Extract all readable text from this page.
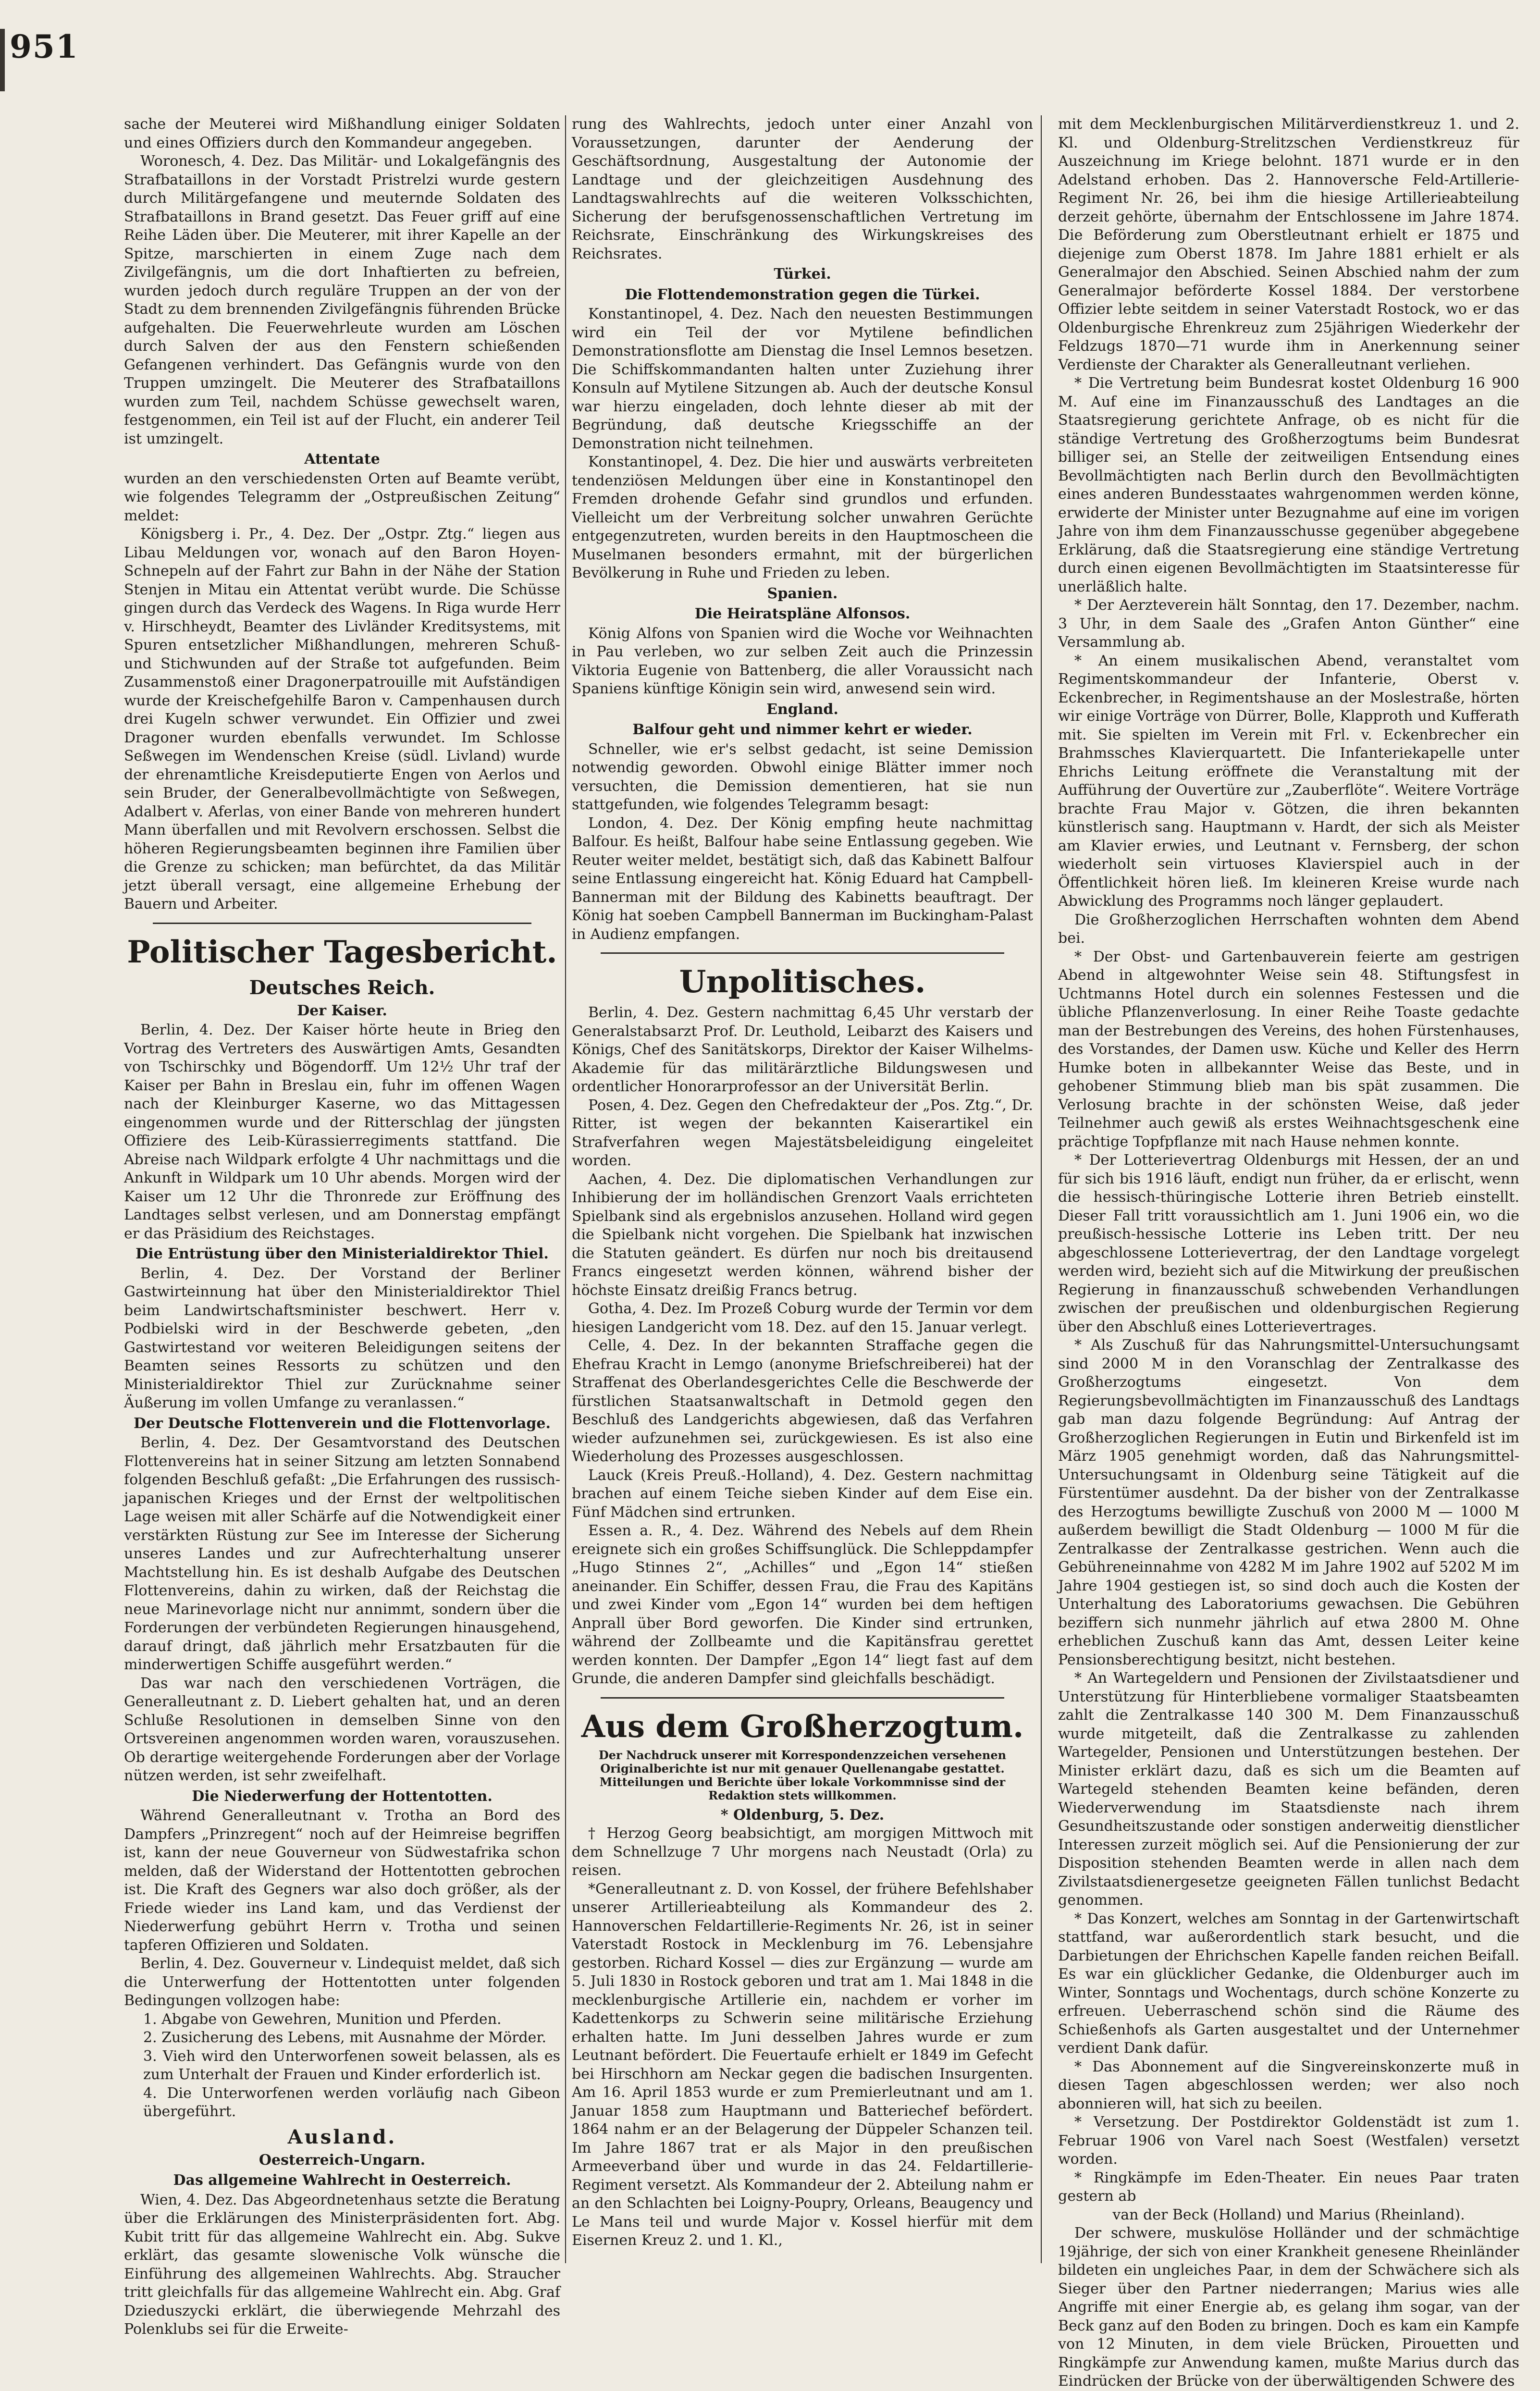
951

sache der Meuterei wird Mißhandlung einiger Soldaten und eines Offiziers durch den Kommandeur angegeben.

Woronesch, 4. Dez. Das Militär- und Lokalgefängnis des Strafbataillons in der Vorstadt Pristrelzi wurde gestern durch Militärgefangene und meuternde Soldaten des Strafbataillons in Brand gesetzt. Das Feuer griff auf eine Reihe Läden über. Die Meuterer, mit ihrer Kapelle an der Spitze, marschierten in einem Zuge nach dem Zivilgefängnis, um die dort Inhaftierten zu befreien, wurden jedoch durch reguläre Truppen an der von der Stadt zu dem brennenden Zivilgefängnis führenden Brücke aufgehalten. Die Feuerwehrleute wurden am Löschen durch Salven der aus den Fenstern schießenden Gefangenen verhindert. Das Gefängnis wurde von den Truppen umzingelt. Die Meuterer des Strafbataillons wurden zum Teil, nachdem Schüsse gewechselt waren, festgenommen, ein Teil ist auf der Flucht, ein anderer Teil ist umzingelt.

Attentate

wurden an den verschiedensten Orten auf Beamte verübt, wie folgendes Telegramm der „Ostpreußischen Zeitung“ meldet:

Königsberg i. Pr., 4. Dez. Der „Ostpr. Ztg.“ liegen aus Libau Meldungen vor, wonach auf den Baron Hoyen-Schnepeln auf der Fahrt zur Bahn in der Nähe der Station Stenjen in Mitau ein Attentat verübt wurde. Die Schüsse gingen durch das Verdeck des Wagens. In Riga wurde Herr v. Hirschheydt, Beamter des Livländer Kreditsystems, mit Spuren entsetzlicher Mißhandlungen, mehreren Schuß- und Stichwunden auf der Straße tot aufgefunden. Beim Zusammenstoß einer Dragonerpatrouille mit Aufständigen wurde der Kreischefgehilfe Baron v. Campenhausen durch drei Kugeln schwer verwundet. Ein Offizier und zwei Dragoner wurden ebenfalls verwundet. Im Schlosse Seßwegen im Wendenschen Kreise (südl. Livland) wurde der ehrenamtliche Kreisdeputierte Engen von Aerlos und sein Bruder, der Generalbevollmächtigte von Seßwegen, Adalbert v. Aferlas, von einer Bande von mehreren hundert Mann überfallen und mit Revolvern erschossen. Selbst die höheren Regierungsbeamten beginnen ihre Familien über die Grenze zu schicken; man befürchtet, da das Militär jetzt überall versagt, eine allgemeine Erhebung der Bauern und Arbeiter.

Politischer Tagesbericht.
Deutsches Reich.
Der Kaiser.

Berlin, 4. Dez. Der Kaiser hörte heute in Brieg den Vortrag des Vertreters des Auswärtigen Amts, Gesandten von Tschirschky und Bögendorff. Um 12½ Uhr traf der Kaiser per Bahn in Breslau ein, fuhr im offenen Wagen nach der Kleinburger Kaserne, wo das Mittagessen eingenommen wurde und der Ritterschlag der jüngsten Offiziere des Leib-Kürassierregiments stattfand. Die Abreise nach Wildpark erfolgte 4 Uhr nachmittags und die Ankunft in Wildpark um 10 Uhr abends. Morgen wird der Kaiser um 12 Uhr die Thronrede zur Eröffnung des Landtages selbst verlesen, und am Donnerstag empfängt er das Präsidium des Reichstages.

Die Entrüstung über den Ministerialdirektor Thiel.

Berlin, 4. Dez. Der Vorstand der Berliner Gastwirteinnung hat über den Ministerialdirektor Thiel beim Landwirtschaftsminister beschwert. Herr v. Podbielski wird in der Beschwerde gebeten, „den Gastwirtestand vor weiteren Beleidigungen seitens der Beamten seines Ressorts zu schützen und den Ministerialdirektor Thiel zur Zurücknahme seiner Äußerung im vollen Umfange zu veranlassen.“

Der Deutsche Flottenverein und die Flottenvorlage.

Berlin, 4. Dez. Der Gesamtvorstand des Deutschen Flottenvereins hat in seiner Sitzung am letzten Sonnabend folgenden Beschluß gefaßt: „Die Erfahrungen des russisch-japanischen Krieges und der Ernst der weltpolitischen Lage weisen mit aller Schärfe auf die Notwendigkeit einer verstärkten Rüstung zur See im Interesse der Sicherung unseres Landes und zur Aufrechterhaltung unserer Machtstellung hin. Es ist deshalb Aufgabe des Deutschen Flottenvereins, dahin zu wirken, daß der Reichstag die neue Marinevorlage nicht nur annimmt, sondern über die Forderungen der verbündeten Regierungen hinausgehend, darauf dringt, daß jährlich mehr Ersatzbauten für die minderwertigen Schiffe ausgeführt werden.“

Das war nach den verschiedenen Vorträgen, die Generalleutnant z. D. Liebert gehalten hat, und an deren Schluße Resolutionen in demselben Sinne von den Ortsvereinen angenommen worden waren, vorauszusehen. Ob derartige weitergehende Forderungen aber der Vorlage nützen werden, ist sehr zweifelhaft.

Die Niederwerfung der Hottentotten.

Während Generalleutnant v. Trotha an Bord des Dampfers „Prinzregent“ noch auf der Heimreise begriffen ist, kann der neue Gouverneur von Südwestafrika schon melden, daß der Widerstand der Hottentotten gebrochen ist. Die Kraft des Gegners war also doch größer, als der Friede wieder ins Land kam, und das Verdienst der Niederwerfung gebührt Herrn v. Trotha und seinen tapferen Offizieren und Soldaten.

Berlin, 4. Dez. Gouverneur v. Lindequist meldet, daß sich die Unterwerfung der Hottentotten unter folgenden Bedingungen vollzogen habe:

1. Abgabe von Gewehren, Munition und Pferden.
2. Zusicherung des Lebens, mit Ausnahme der Mörder.
3. Vieh wird den Unterworfenen soweit belassen, als es zum Unterhalt der Frauen und Kinder erforderlich ist.
4. Die Unterworfenen werden vorläufig nach Gibeon übergeführt.
Ausland.
Oesterreich-Ungarn.
Das allgemeine Wahlrecht in Oesterreich.

Wien, 4. Dez. Das Abgeordnetenhaus setzte die Beratung über die Erklärungen des Ministerpräsidenten fort. Abg. Kubit tritt für das allgemeine Wahlrecht ein. Abg. Sukve erklärt, das gesamte slowenische Volk wünsche die Einführung des allgemeinen Wahlrechts. Abg. Straucher tritt gleichfalls für das allgemeine Wahlrecht ein. Abg. Graf Dzieduszycki erklärt, die überwiegende Mehrzahl des Polenklubs sei für die Erweite-

rung des Wahlrechts, jedoch unter einer Anzahl von Voraussetzungen, darunter der Aenderung der Geschäftsordnung, Ausgestaltung der Autonomie der Landtage und der gleichzeitigen Ausdehnung des Landtagswahlrechts auf die weiteren Volksschichten, Sicherung der berufsgenossenschaftlichen Vertretung im Reichsrate, Einschränkung des Wirkungskreises des Reichsrates.

Türkei.
Die Flottendemonstration gegen die Türkei.

Konstantinopel, 4. Dez. Nach den neuesten Bestimmungen wird ein Teil der vor Mytilene befindlichen Demonstrationsflotte am Dienstag die Insel Lemnos besetzen. Die Schiffskommandanten halten unter Zuziehung ihrer Konsuln auf Mytilene Sitzungen ab. Auch der deutsche Konsul war hierzu eingeladen, doch lehnte dieser ab mit der Begründung, daß deutsche Kriegsschiffe an der Demonstration nicht teilnehmen.

Konstantinopel, 4. Dez. Die hier und auswärts verbreiteten tendenziösen Meldungen über eine in Konstantinopel den Fremden drohende Gefahr sind grundlos und erfunden. Vielleicht um der Verbreitung solcher unwahren Gerüchte entgegenzutreten, wurden bereits in den Hauptmoscheen die Muselmanen besonders ermahnt, mit der bürgerlichen Bevölkerung in Ruhe und Frieden zu leben.

Spanien.
Die Heiratspläne Alfonsos.

König Alfons von Spanien wird die Woche vor Weihnachten in Pau verleben, wo zur selben Zeit auch die Prinzessin Viktoria Eugenie von Battenberg, die aller Voraussicht nach Spaniens künftige Königin sein wird, anwesend sein wird.

England.
Balfour geht und nimmer kehrt er wieder.

Schneller, wie er's selbst gedacht, ist seine Demission notwendig geworden. Obwohl einige Blätter immer noch versuchten, die Demission dementieren, hat sie nun stattgefunden, wie folgendes Telegramm besagt:

London, 4. Dez. Der König empfing heute nachmittag Balfour. Es heißt, Balfour habe seine Entlassung gegeben. Wie Reuter weiter meldet, bestätigt sich, daß das Kabinett Balfour seine Entlassung eingereicht hat. König Eduard hat Campbell-Bannerman mit der Bildung des Kabinetts beauftragt. Der König hat soeben Campbell Bannerman im Buckingham-Palast in Audienz empfangen.

Unpolitisches.

Berlin, 4. Dez. Gestern nachmittag 6,45 Uhr verstarb der Generalstabsarzt Prof. Dr. Leuthold, Leibarzt des Kaisers und Königs, Chef des Sanitätskorps, Direktor der Kaiser Wilhelms-Akademie für das militärärztliche Bildungswesen und ordentlicher Honorarprofessor an der Universität Berlin.

Posen, 4. Dez. Gegen den Chefredakteur der „Pos. Ztg.“, Dr. Ritter, ist wegen der bekannten Kaiserartikel ein Strafverfahren wegen Majestätsbeleidigung eingeleitet worden.

Aachen, 4. Dez. Die diplomatischen Verhandlungen zur Inhibierung der im holländischen Grenzort Vaals errichteten Spielbank sind als ergebnislos anzusehen. Holland wird gegen die Spielbank nicht vorgehen. Die Spielbank hat inzwischen die Statuten geändert. Es dürfen nur noch bis dreitausend Francs eingesetzt werden können, während bisher der höchste Einsatz dreißig Francs betrug.

Gotha, 4. Dez. Im Prozeß Coburg wurde der Termin vor dem hiesigen Landgericht vom 18. Dez. auf den 15. Januar verlegt.

Celle, 4. Dez. In der bekannten Straffache gegen die Ehefrau Kracht in Lemgo (anonyme Briefschreiberei) hat der Straffenat des Oberlandesgerichtes Celle die Beschwerde der fürstlichen Staatsanwaltschaft in Detmold gegen den Beschluß des Landgerichts abgewiesen, daß das Verfahren wieder aufzunehmen sei, zurückgewiesen. Es ist also eine Wiederholung des Prozesses ausgeschlossen.

Lauck (Kreis Preuß.-Holland), 4. Dez. Gestern nachmittag brachen auf einem Teiche sieben Kinder auf dem Eise ein. Fünf Mädchen sind ertrunken.

Essen a. R., 4. Dez. Während des Nebels auf dem Rhein ereignete sich ein großes Schiffsunglück. Die Schleppdampfer „Hugo Stinnes 2“, „Achilles“ und „Egon 14“ stießen aneinander. Ein Schiffer, dessen Frau, die Frau des Kapitäns und zwei Kinder vom „Egon 14“ wurden bei dem heftigen Anprall über Bord geworfen. Die Kinder sind ertrunken, während der Zollbeamte und die Kapitänsfrau gerettet werden konnten. Der Dampfer „Egon 14“ liegt fast auf dem Grunde, die anderen Dampfer sind gleichfalls beschädigt.

Aus dem Großherzogtum.
Der Nachdruck unserer mit Korrespondenzzeichen versehenen Originalberichte ist nur mit genauer Quellenangabe gestattet. Mitteilungen und Berichte über lokale Vorkommnisse sind der Redaktion stets willkommen.

* Oldenburg, 5. Dez.

† Herzog Georg beabsichtigt, am morgigen Mittwoch mit dem Schnellzuge 7 Uhr morgens nach Neustadt (Orla) zu reisen.

*Generalleutnant z. D. von Kossel, der frühere Befehlshaber unserer Artillerieabteilung als Kommandeur des 2. Hannoverschen Feldartillerie-Regiments Nr. 26, ist in seiner Vaterstadt Rostock in Mecklenburg im 76. Lebensjahre gestorben. Richard Kossel — dies zur Ergänzung — wurde am 5. Juli 1830 in Rostock geboren und trat am 1. Mai 1848 in die mecklenburgische Artillerie ein, nachdem er vorher im Kadettenkorps zu Schwerin seine militärische Erziehung erhalten hatte. Im Juni desselben Jahres wurde er zum Leutnant befördert. Die Feuertaufe erhielt er 1849 im Gefecht bei Hirschhorn am Neckar gegen die badischen Insurgenten. Am 16. April 1853 wurde er zum Premierleutnant und am 1. Januar 1858 zum Hauptmann und Batteriechef befördert. 1864 nahm er an der Belagerung der Düppeler Schanzen teil. Im Jahre 1867 trat er als Major in den preußischen Armeeverband über und wurde in das 24. Feldartillerie-Regiment versetzt. Als Kommandeur der 2. Abteilung nahm er an den Schlachten bei Loigny-Poupry, Orleans, Beaugency und Le Mans teil und wurde Major v. Kossel hierfür mit dem Eisernen Kreuz 2. und 1. Kl.,

mit dem Mecklenburgischen Militärverdienstkreuz 1. und 2. Kl. und Oldenburg-Strelitzschen Verdienstkreuz für Auszeichnung im Kriege belohnt. 1871 wurde er in den Adelstand erhoben. Das 2. Hannoversche Feld-Artillerie-Regiment Nr. 26, bei ihm die hiesige Artillerieabteilung derzeit gehörte, übernahm der Entschlossene im Jahre 1874. Die Beförderung zum Oberstleutnant erhielt er 1875 und diejenige zum Oberst 1878. Im Jahre 1881 erhielt er als Generalmajor den Abschied. Seinen Abschied nahm der zum Generalmajor beförderte Kossel 1884. Der verstorbene Offizier lebte seitdem in seiner Vaterstadt Rostock, wo er das Oldenburgische Ehrenkreuz zum 25jährigen Wiederkehr der Feldzugs 1870—71 wurde ihm in Anerkennung seiner Verdienste der Charakter als Generalleutnant verliehen.

* Die Vertretung beim Bundesrat kostet Oldenburg 16 900 M. Auf eine im Finanzausschuß des Landtages an die Staatsregierung gerichtete Anfrage, ob es nicht für die ständige Vertretung des Großherzogtums beim Bundesrat billiger sei, an Stelle der zeitweiligen Entsendung eines Bevollmächtigten nach Berlin durch den Bevollmächtigten eines anderen Bundesstaates wahrgenommen werden könne, erwiderte der Minister unter Bezugnahme auf eine im vorigen Jahre von ihm dem Finanzausschusse gegenüber abgegebene Erklärung, daß die Staatsregierung eine ständige Vertretung durch einen eigenen Bevollmächtigten im Staatsinteresse für unerläßlich halte.

* Der Aerzteverein hält Sonntag, den 17. Dezember, nachm. 3 Uhr, in dem Saale des „Grafen Anton Günther“ eine Versammlung ab.

* An einem musikalischen Abend, veranstaltet vom Regimentskommandeur der Infanterie, Oberst v. Eckenbrecher, in Regimentshause an der Moslestraße, hörten wir einige Vorträge von Dürrer, Bolle, Klapproth und Kufferath mit. Sie spielten im Verein mit Frl. v. Eckenbrecher ein Brahmssches Klavierquartett. Die Infanteriekapelle unter Ehrichs Leitung eröffnete die Veranstaltung mit der Aufführung der Ouvertüre zur „Zauberflöte“. Weitere Vorträge brachte Frau Major v. Götzen, die ihren bekannten künstlerisch sang. Hauptmann v. Hardt, der sich als Meister am Klavier erwies, und Leutnant v. Fernsberg, der schon wiederholt sein virtuoses Klavierspiel auch in der Öffentlichkeit hören ließ. Im kleineren Kreise wurde nach Abwicklung des Programms noch länger geplaudert.

Die Großherzoglichen Herrschaften wohnten dem Abend bei.

* Der Obst- und Gartenbauverein feierte am gestrigen Abend in altgewohnter Weise sein 48. Stiftungsfest in Uchtmanns Hotel durch ein solennes Festessen und die übliche Pflanzenverlosung. In einer Reihe Toaste gedachte man der Bestrebungen des Vereins, des hohen Fürstenhauses, des Vorstandes, der Damen usw. Küche und Keller des Herrn Humke boten in allbekannter Weise das Beste, und in gehobener Stimmung blieb man bis spät zusammen. Die Verlosung brachte in der schönsten Weise, daß jeder Teilnehmer auch gewiß als erstes Weihnachtsgeschenk eine prächtige Topfpflanze mit nach Hause nehmen konnte.

* Der Lotterievertrag Oldenburgs mit Hessen, der an und für sich bis 1916 läuft, endigt nun früher, da er erlischt, wenn die hessisch-thüringische Lotterie ihren Betrieb einstellt. Dieser Fall tritt voraussichtlich am 1. Juni 1906 ein, wo die preußisch-hessische Lotterie ins Leben tritt. Der neu abgeschlossene Lotterievertrag, der den Landtage vorgelegt werden wird, bezieht sich auf die Mitwirkung der preußischen Regierung in finanzausschuß schwebenden Verhandlungen zwischen der preußischen und oldenburgischen Regierung über den Abschluß eines Lotterievertrages.

* Als Zuschuß für das Nahrungsmittel-Untersuchungsamt sind 2000 M in den Voranschlag der Zentralkasse des Großherzogtums eingesetzt. Von dem Regierungsbevollmächtigten im Finanzausschuß des Landtags gab man dazu folgende Begründung: Auf Antrag der Großherzoglichen Regierungen in Eutin und Birkenfeld ist im März 1905 genehmigt worden, daß das Nahrungsmittel-Untersuchungsamt in Oldenburg seine Tätigkeit auf die Fürstentümer ausdehnt. Da der bisher von der Zentralkasse des Herzogtums bewilligte Zuschuß von 2000 M — 1000 M außerdem bewilligt die Stadt Oldenburg — 1000 M für die Zentralkasse der Zentralkasse gestrichen. Wenn auch die Gebühreneinnahme von 4282 M im Jahre 1902 auf 5202 M im Jahre 1904 gestiegen ist, so sind doch auch die Kosten der Unterhaltung des Laboratoriums gewachsen. Die Gebühren beziffern sich nunmehr jährlich auf etwa 2800 M. Ohne erheblichen Zuschuß kann das Amt, dessen Leiter keine Pensionsberechtigung besitzt, nicht bestehen.

* An Wartegeldern und Pensionen der Zivilstaatsdiener und Unterstützung für Hinterbliebene vormaliger Staatsbeamten zahlt die Zentralkasse 140 300 M. Dem Finanzausschuß wurde mitgeteilt, daß die Zentralkasse zu zahlenden Wartegelder, Pensionen und Unterstützungen bestehen. Der Minister erklärt dazu, daß es sich um die Beamten auf Wartegeld stehenden Beamten keine befänden, deren Wiederverwendung im Staatsdienste nach ihrem Gesundheitszustande oder sonstigen anderweitig dienstlicher Interessen zurzeit möglich sei. Auf die Pensionierung der zur Disposition stehenden Beamten werde in allen nach dem Zivilstaatsdienergesetze geeigneten Fällen tunlichst Bedacht genommen.

* Das Konzert, welches am Sonntag in der Gartenwirtschaft stattfand, war außerordentlich stark besucht, und die Darbietungen der Ehrichschen Kapelle fanden reichen Beifall. Es war ein glücklicher Gedanke, die Oldenburger auch im Winter, Sonntags und Wochentags, durch schöne Konzerte zu erfreuen. Ueberraschend schön sind die Räume des Schießenhofs als Garten ausgestaltet und der Unternehmer verdient Dank dafür.

* Das Abonnement auf die Singvereinskonzerte muß in diesen Tagen abgeschlossen werden; wer also noch abonnieren will, hat sich zu beeilen.

* Versetzung. Der Postdirektor Goldenstädt ist zum 1. Februar 1906 von Varel nach Soest (Westfalen) versetzt worden.

* Ringkämpfe im Eden-Theater. Ein neues Paar traten gestern ab

van der Beck (Holland) und Marius (Rheinland).

Der schwere, muskulöse Holländer und der schmächtige 19jährige, der sich von einer Krankheit genesene Rheinländer bildeten ein ungleiches Paar, in dem der Schwächere sich als Sieger über den Partner niederrangen; Marius wies alle Angriffe mit einer Energie ab, es gelang ihm sogar, van der Beck ganz auf den Boden zu bringen. Doch es kam ein Kampfe von 12 Minuten, in dem viele Brücken, Pirouetten und Ringkämpfe zur Anwendung kamen, mußte Marius durch das Eindrücken der Brücke von der überwältigenden Schwere des
